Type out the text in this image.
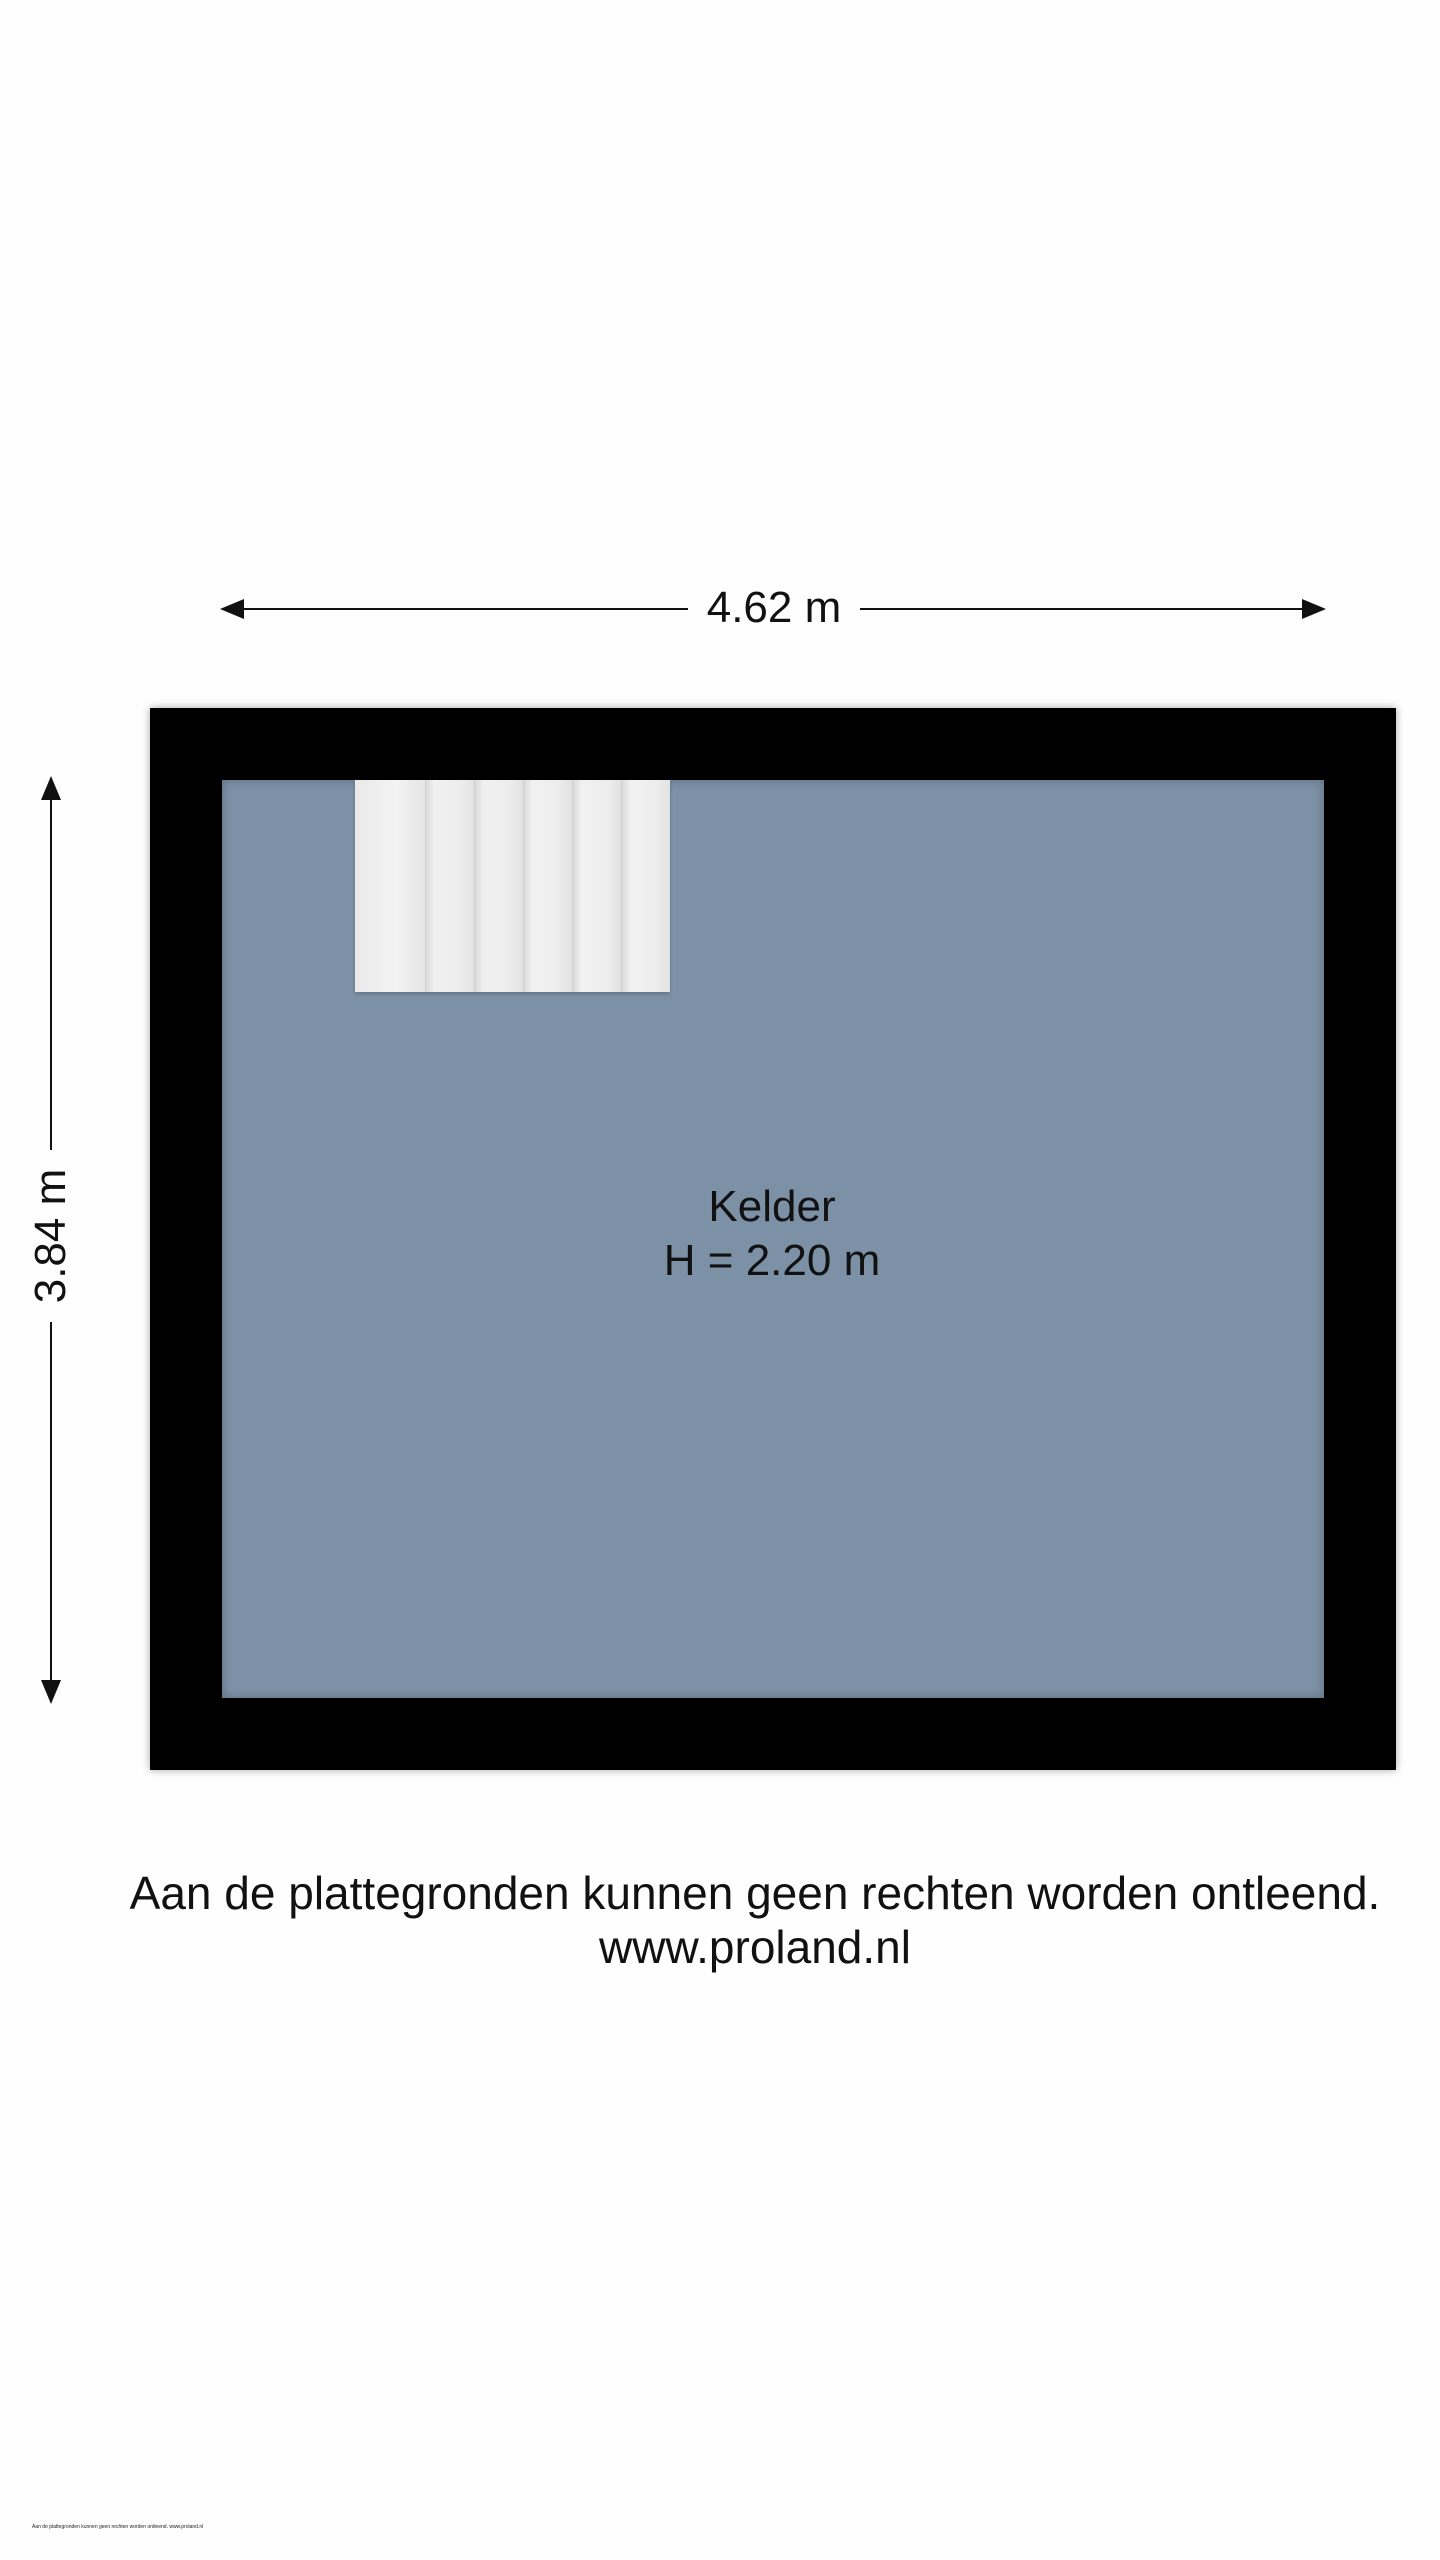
4.62 m
3.84 m	Kelder
H = 2.20 m
Aan de plattegronden kunnen geen rechten worden ontleend.
www.proland.nl
Aan de plattegronden kunnen geen rechten worden ontleend. www.proland.nl
